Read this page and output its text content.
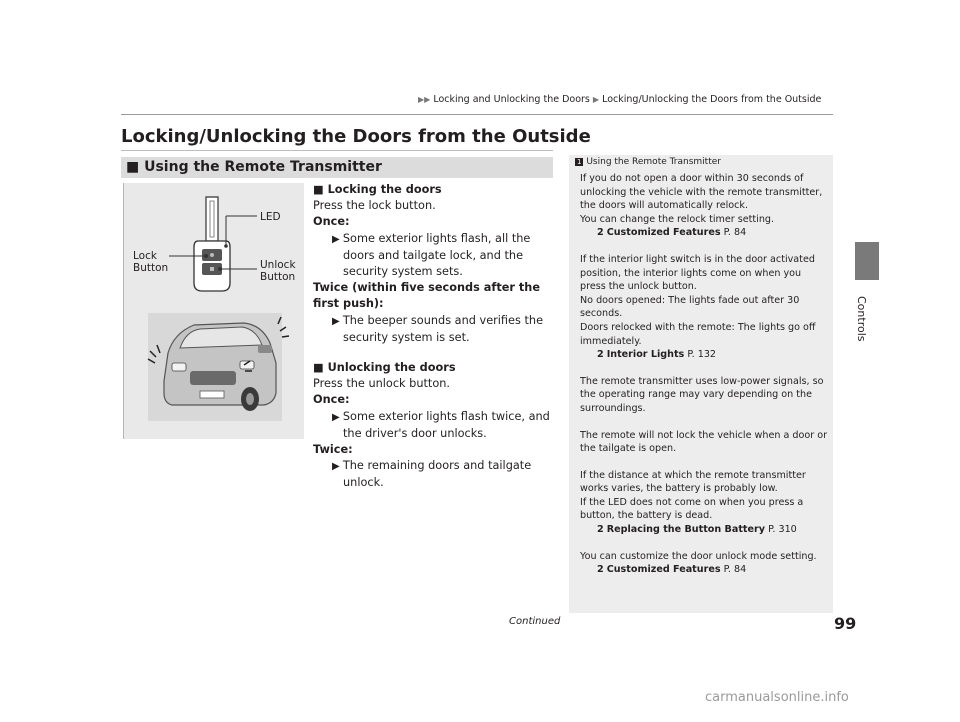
▶▶ Locking and Unlocking the Doors ▶ Locking/Unlocking the Doors from the Outside
Locking/Unlocking the Doors from the Outside
■ Using the Remote Transmitter
LED
Lock
Button	Unlock
Button

■ Locking the doors

Press the lock button.

Once:

▶ Some exterior lights flash, all the doors and tailgate lock, and the security system sets.

Twice (within five seconds after the first push):

▶ The beeper sounds and verifies the security system is set.

■ Unlocking the doors

Press the unlock button.

Once:

▶ Some exterior lights flash twice, and the driver's door unlocks.

Twice:

▶ The remaining doors and tailgate unlock.

1 Using the Remote Transmitter

If you do not open a door within 30 seconds of unlocking the vehicle with the remote transmitter, the doors will automatically relock.

You can change the relock timer setting.

2 Customized Features P. 84

If the interior light switch is in the door activated position, the interior lights come on when you press the unlock button.

No doors opened: The lights fade out after 30 seconds.

Doors relocked with the remote: The lights go off immediately.

2 Interior Lights P. 132

The remote transmitter uses low-power signals, so the operating range may vary depending on the surroundings.

The remote will not lock the vehicle when a door or the tailgate is open.

If the distance at which the remote transmitter works varies, the battery is probably low.

If the LED does not come on when you press a button, the battery is dead.

2 Replacing the Button Battery P. 310

You can customize the door unlock mode setting.

2 Customized Features P. 84

Controls
Continued	99
carmanualsonline.info
